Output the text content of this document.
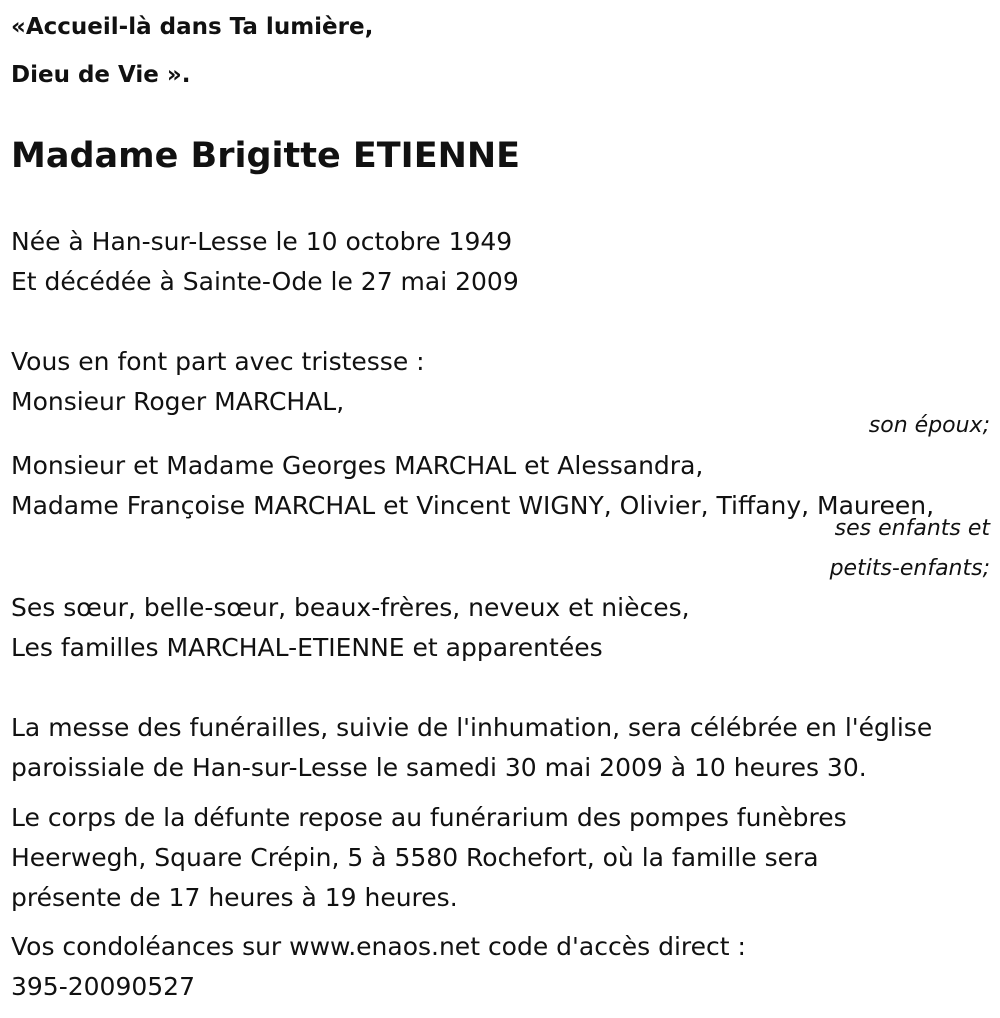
«Accueil-là dans Ta lumière,
Dieu de Vie ».
Madame Brigitte ETIENNE
Née à Han-sur-Lesse le 10 octobre 1949
Et décédée à Sainte-Ode le 27 mai 2009
Vous en font part avec tristesse :
Monsieur Roger MARCHAL,
son époux;
Monsieur et Madame Georges MARCHAL et Alessandra,
Madame Françoise MARCHAL et Vincent WIGNY, Olivier, Tiffany, Maureen,
ses enfants et
petits-enfants;
Ses sœur, belle-sœur, beaux-frères, neveux et nièces,
Les familles MARCHAL-ETIENNE et apparentées
La messe des funérailles, suivie de l'inhumation, sera célébrée en l'église
paroissiale de Han-sur-Lesse le samedi 30 mai 2009 à 10 heures 30.
Le corps de la défunte repose au funérarium des pompes funèbres
Heerwegh, Square Crépin, 5 à 5580 Rochefort, où la famille sera
présente de 17 heures à 19 heures.
Vos condoléances sur www.enaos.net code d'accès direct :
395-20090527
